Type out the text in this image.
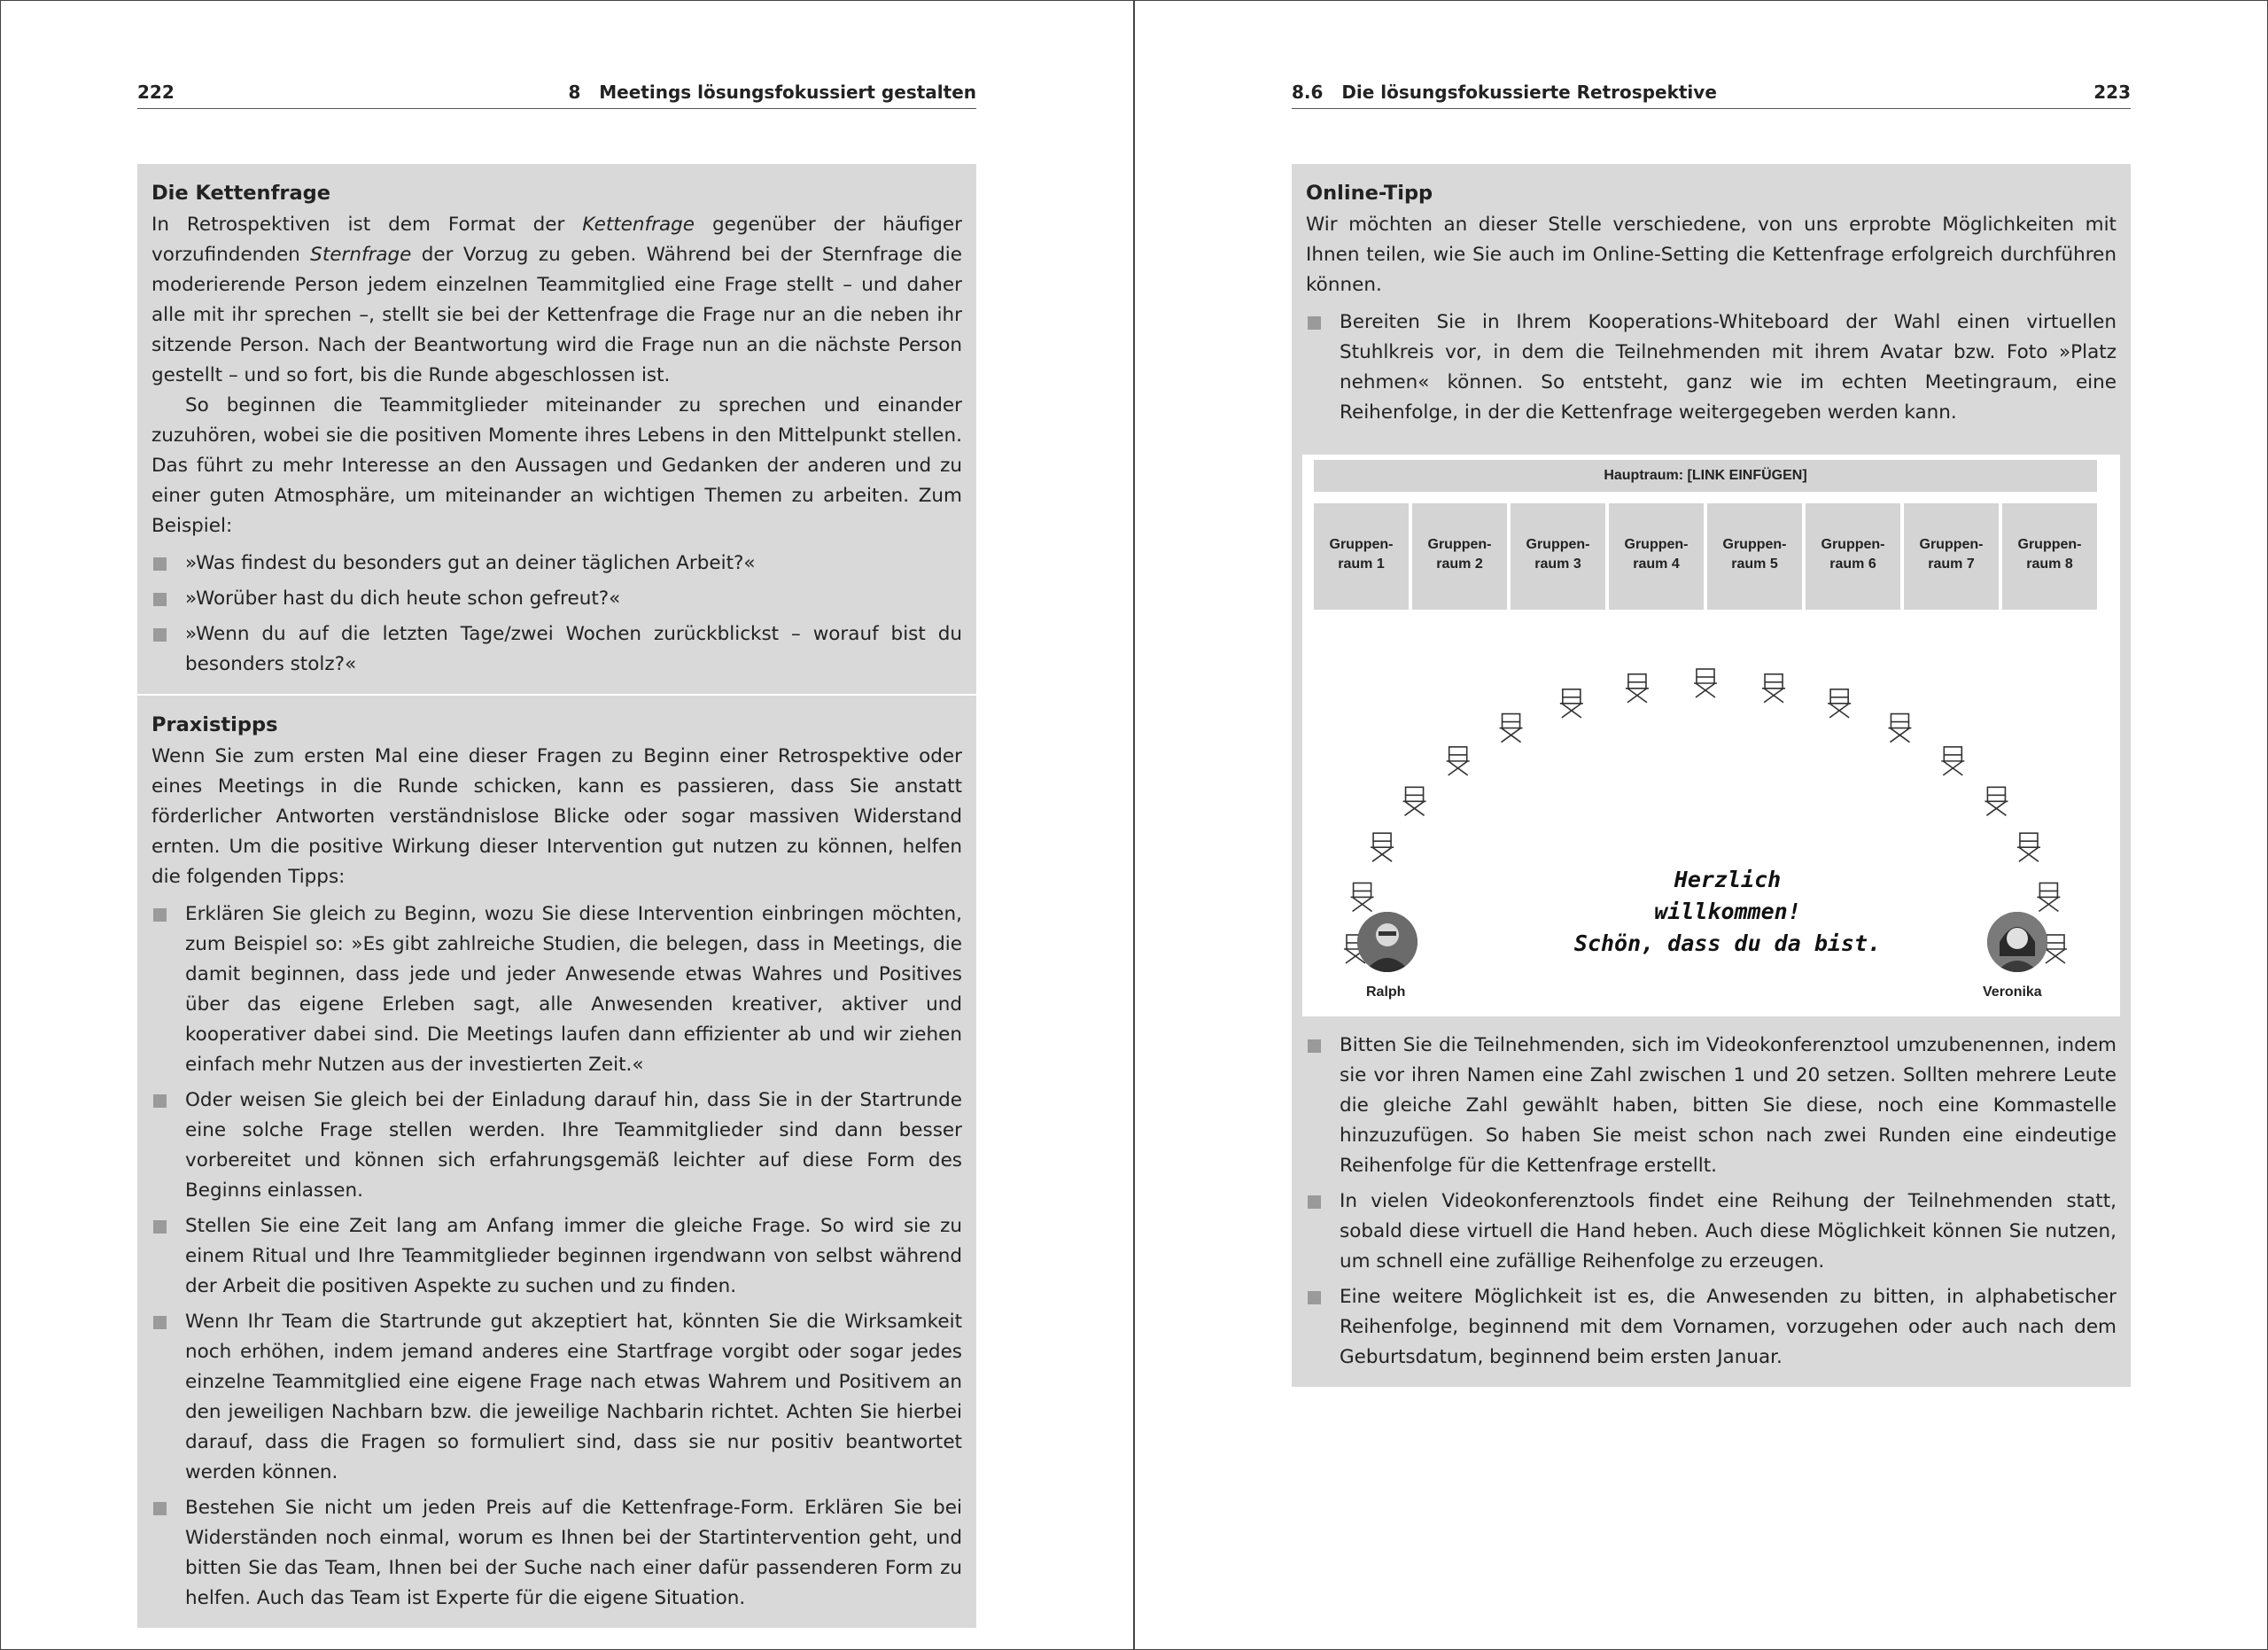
222	8   Meetings lösungsfokussiert gestalten
Die Kettenfrage

In Retrospektiven ist dem Format der Kettenfrage gegenüber der häufiger vorzufindenden Sternfrage der Vorzug zu geben. Während bei der Sternfrage die moderierende Person jedem einzelnen Teammitglied eine Frage stellt – und daher alle mit ihr sprechen –, stellt sie bei der Kettenfrage die Frage nur an die neben ihr sitzende Person. Nach der Beantwortung wird die Frage nun an die nächste Person gestellt – und so fort, bis die Runde abgeschlossen ist.

So beginnen die Teammitglieder miteinander zu sprechen und einander zuzuhören, wobei sie die positiven Momente ihres Lebens in den Mittelpunkt stellen. Das führt zu mehr Interesse an den Aussagen und Gedanken der anderen und zu einer guten Atmosphäre, um miteinander an wichtigen Themen zu arbeiten. Zum Beispiel:

»Was findest du besonders gut an deiner täglichen Arbeit?«
»Worüber hast du dich heute schon gefreut?«
»Wenn du auf die letzten Tage/zwei Wochen zurückblickst – worauf bist du besonders stolz?«
Praxistipps

Wenn Sie zum ersten Mal eine dieser Fragen zu Beginn einer Retrospektive oder eines Meetings in die Runde schicken, kann es passieren, dass Sie anstatt förderlicher Antworten verständnislose Blicke oder sogar massiven Widerstand ernten. Um die positive Wirkung dieser Intervention gut nutzen zu können, helfen die folgenden Tipps:

Erklären Sie gleich zu Beginn, wozu Sie diese Intervention einbringen möchten, zum Beispiel so: »Es gibt zahlreiche Studien, die belegen, dass in Meetings, die damit beginnen, dass jede und jeder Anwesende etwas Wahres und Positives über das eigene Erleben sagt, alle Anwesenden kreativer, aktiver und kooperativer dabei sind. Die Meetings laufen dann effizienter ab und wir ziehen einfach mehr Nutzen aus der investierten Zeit.«
Oder weisen Sie gleich bei der Einladung darauf hin, dass Sie in der Startrunde eine solche Frage stellen werden. Ihre Teammitglieder sind dann besser vorbereitet und können sich erfahrungsgemäß leichter auf diese Form des Beginns einlassen.
Stellen Sie eine Zeit lang am Anfang immer die gleiche Frage. So wird sie zu einem Ritual und Ihre Teammitglieder beginnen irgendwann von selbst während der Arbeit die positiven Aspekte zu suchen und zu finden.
Wenn Ihr Team die Startrunde gut akzeptiert hat, könnten Sie die Wirksamkeit noch erhöhen, indem jemand anderes eine Startfrage vorgibt oder sogar jedes einzelne Teammitglied eine eigene Frage nach etwas Wahrem und Positivem an den jeweiligen Nachbarn bzw. die jeweilige Nachbarin richtet. Achten Sie hierbei darauf, dass die Fragen so formuliert sind, dass sie nur positiv beantwortet werden können.
Bestehen Sie nicht um jeden Preis auf die Kettenfrage-Form. Erklären Sie bei Widerständen noch einmal, worum es Ihnen bei der Startintervention geht, und bitten Sie das Team, Ihnen bei der Suche nach einer dafür passenderen Form zu helfen. Auch das Team ist Experte für die eigene Situation.
8.6   Die lösungsfokussierte Retrospektive	223
Online-Tipp

Wir möchten an dieser Stelle verschiedene, von uns erprobte Möglichkeiten mit Ihnen teilen, wie Sie auch im Online-Setting die Kettenfrage erfolgreich durchführen können.

Bereiten Sie in Ihrem Kooperations-Whiteboard der Wahl einen virtuellen Stuhlkreis vor, in dem die Teilnehmenden mit ihrem Avatar bzw. Foto »Platz nehmen« können. So entsteht, ganz wie im echten Meetingraum, eine Reihenfolge, in der die Kettenfrage weitergegeben werden kann.
Hauptraum: [LINK EINFÜGEN]
Gruppen-
raum 1
Gruppen-
raum 2
Gruppen-
raum 3
Gruppen-
raum 4
Gruppen-
raum 5
Gruppen-
raum 6
Gruppen-
raum 7
Gruppen-
raum 8
Herzlich
willkommen!
Schön, dass du da bist.
Ralph	Veronika
Bitten Sie die Teilnehmenden, sich im Videokonferenztool umzubenennen, indem sie vor ihren Namen eine Zahl zwischen 1 und 20 setzen. Sollten mehrere Leute die gleiche Zahl gewählt haben, bitten Sie diese, noch eine Kommastelle hinzuzufügen. So haben Sie meist schon nach zwei Runden eine eindeutige Reihenfolge für die Kettenfrage erstellt.
In vielen Videokonferenztools findet eine Reihung der Teilnehmenden statt, sobald diese virtuell die Hand heben. Auch diese Möglichkeit können Sie nutzen, um schnell eine zufällige Reihenfolge zu erzeugen.
Eine weitere Möglichkeit ist es, die Anwesenden zu bitten, in alphabetischer Reihenfolge, beginnend mit dem Vornamen, vorzugehen oder auch nach dem Geburtsdatum, beginnend beim ersten Januar.
